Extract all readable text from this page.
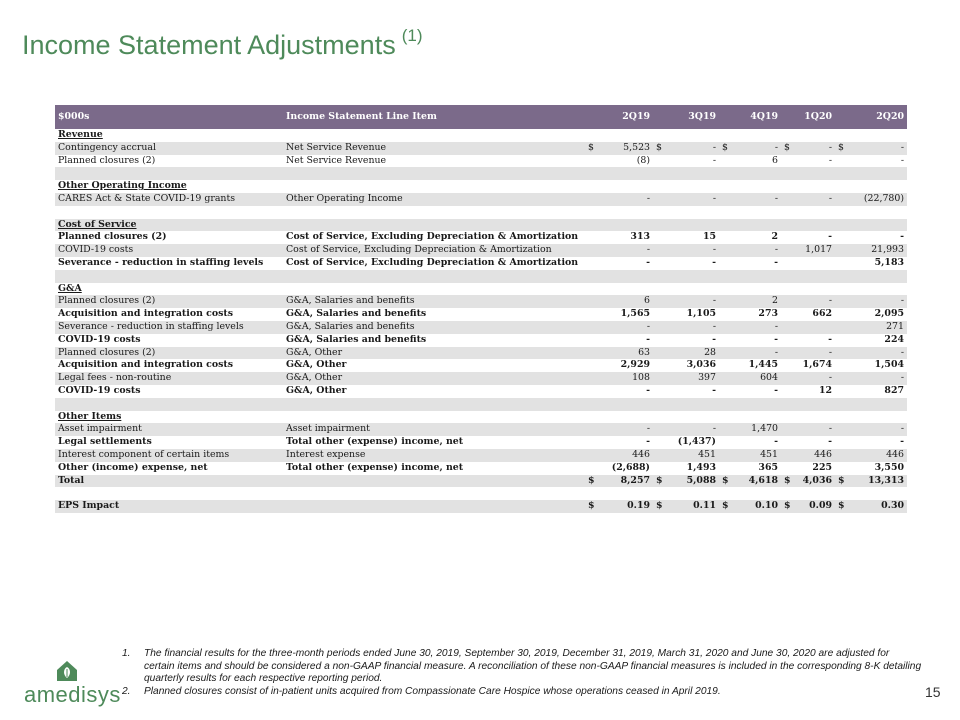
Income Statement Adjustments $^{(1)}$
$000s	Income Statement Line Item	2Q19		3Q19		4Q19		1Q20		2Q20	
Revenue											
Contingency accrual	Net Service Revenue	$	5,523	$	-	$	-	$	-	$	-
Planned closures (2)	Net Service Revenue		(8)		-		6		-		-

Other Operating Income											
CARES Act & State COVID-19 grants	Other Operating Income		-		-		-		-		(22,780)

Cost of Service											
Planned closures (2)	Cost of Service, Excluding Depreciation & Amortization		313		15		2		-		-
COVID-19 costs	Cost of Service, Excluding Depreciation & Amortization		-		-		-		1,017		21,993
Severance - reduction in staffing levels	Cost of Service, Excluding Depreciation & Amortization		-		-		-				5,183

G&A											
Planned closures (2)	G&A, Salaries and benefits		6		-		2		-		-
Acquisition and integration costs	G&A, Salaries and benefits		1,565		1,105		273		662		2,095
Severance - reduction in staffing levels	G&A, Salaries and benefits		-		-		-				271
COVID-19 costs	G&A, Salaries and benefits		-		-		-		-		224
Planned closures (2)	G&A, Other		63		28		-		-		-
Acquisition and integration costs	G&A, Other		2,929		3,036		1,445		1,674		1,504
Legal fees - non-routine	G&A, Other		108		397		604		-		-
COVID-19 costs	G&A, Other		-		-		-		12		827

Other Items											
Asset impairment	Asset impairment		-		-		1,470		-		-
Legal settlements	Total other (expense) income, net		-		(1,437)		-		-		-
Interest component of certain items	Interest expense		446		451		451		446		446
Other (income) expense, net	Total other (expense) income, net		(2,688)		1,493		365		225		3,550
Total		$	8,257	$	5,088	$	4,618	$	4,036	$	13,313

EPS Impact		$	0.19	$	0.11	$	0.10	$	0.09	$	0.30
1. The financial results for the three-month periods ended June 30, 2019, September 30, 2019, December 31, 2019, March 31, 2020 and June 30, 2020 are adjusted for certain items and should be considered a non-GAAP financial measure. A reconciliation of these non-GAAP financial measures is included in the corresponding 8-K detailing quarterly results for each respective reporting period.
2. Planned closures consist of in-patient units acquired from Compassionate Care Hospice whose operations ceased in April 2019.
amedisys	15
